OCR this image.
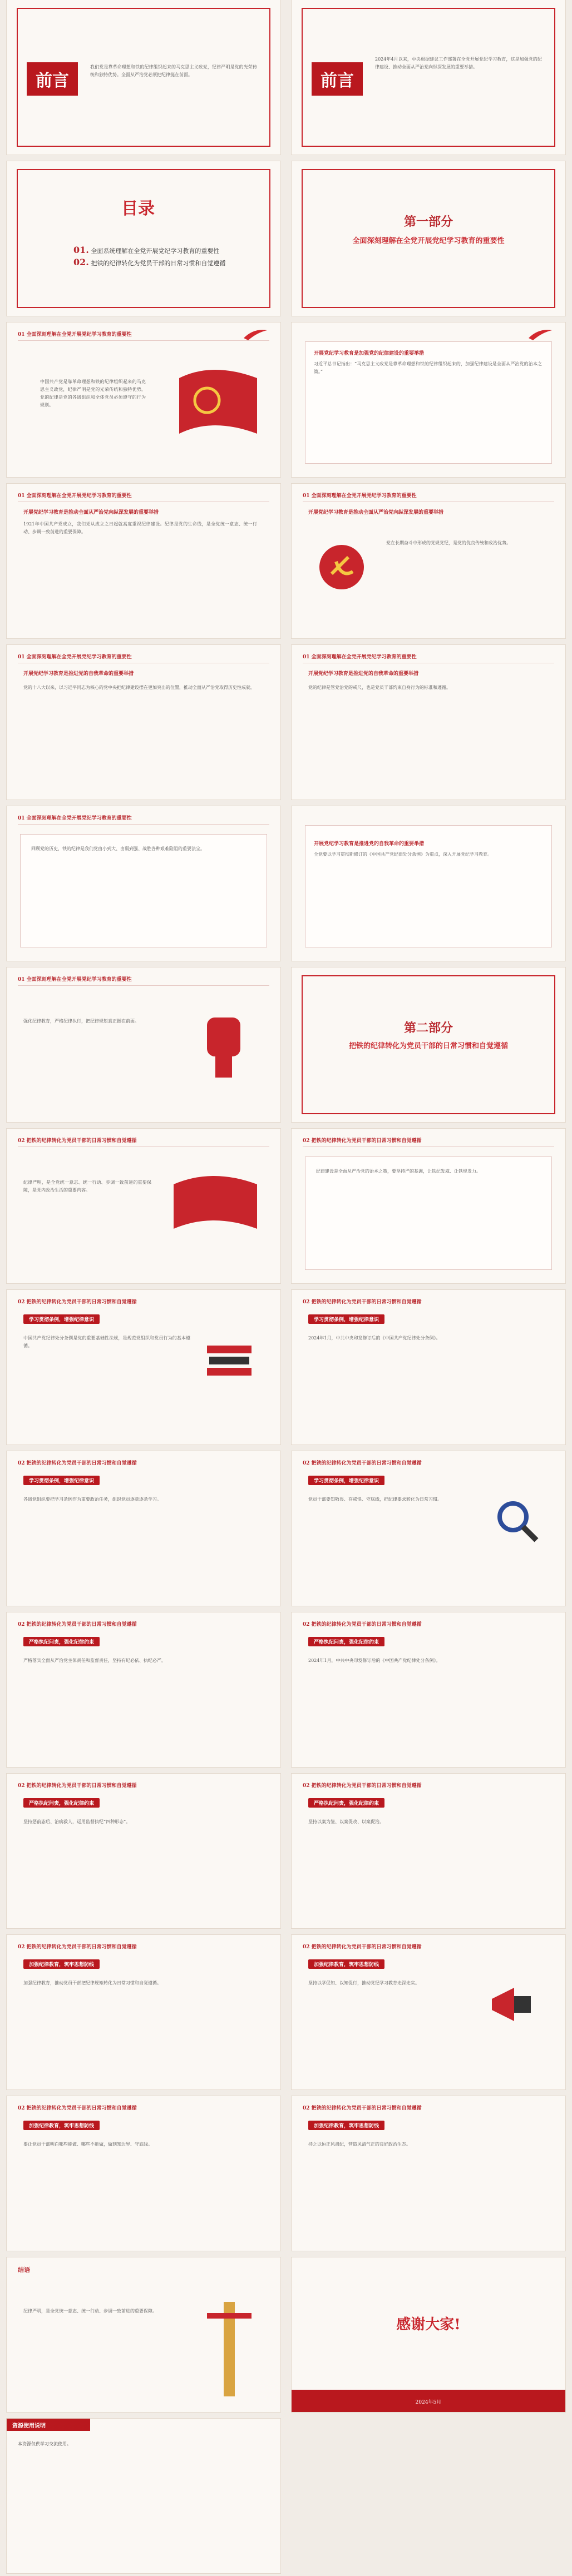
前言
我们党是靠革命理想和铁的纪律组织起来的马克思主义政党，纪律严明是党的光荣传统和独特优势。全面从严治党必须把纪律挺在前面。	前言
2024年4月以来，中央根据建议工作部署在全党开展党纪学习教育，这是加强党的纪律建设、推动全面从严治党向纵深发展的重要举措。
目录
01. 全面系统理解在全党开展党纪学习教育的重要性
02. 把铁的纪律转化为党员干部的日常习惯和自觉遵循
第一部分
全面深刻理解在全党开展党纪学习教育的重要性
01 全面深刻理解在全党开展党纪学习教育的重要性
中国共产党是靠革命理想和铁的纪律组织起来的马克思主义政党，纪律严明是党的光荣传统和独特优势。党的纪律是党的各级组织和全体党员必须遵守的行为规则。
开展党纪学习教育是加强党的纪律建设的重要举措
习近平总书记指出：“马克思主义政党是靠革命理想和铁的纪律组织起来的，加强纪律建设是全面从严治党的治本之策。”
01 全面深刻理解在全党开展党纪学习教育的重要性
开展党纪学习教育是推动全面从严治党向纵深发展的重要举措
1921年中国共产党成立，我们党从成立之日起就高度重视纪律建设。纪律是党的生命线，是全党统一意志、统一行动、步调一致前进的重要保障。
01 全面深刻理解在全党开展党纪学习教育的重要性
开展党纪学习教育是推动全面从严治党向纵深发展的重要举措
党在长期奋斗中形成的党规党纪，是党的优良传统和政治优势。
01 全面深刻理解在全党开展党纪学习教育的重要性
开展党纪学习教育是推进党的自我革命的重要举措
党的十八大以来，以习近平同志为核心的党中央把纪律建设摆在更加突出的位置，推动全面从严治党取得历史性成就。
01 全面深刻理解在全党开展党纪学习教育的重要性
开展党纪学习教育是推进党的自我革命的重要举措
党的纪律是管党治党的戒尺，也是党员干部约束自身行为的标准和遵循。
01 全面深刻理解在全党开展党纪学习教育的重要性
回顾党的历史，铁的纪律是我们党由小到大、由弱到强、战胜各种艰难险阻的重要法宝。
开展党纪学习教育是推进党的自我革命的重要举措
全党要以学习贯彻新修订的《中国共产党纪律处分条例》为重点，深入开展党纪学习教育。
01 全面深刻理解在全党开展党纪学习教育的重要性
强化纪律教育，严格纪律执行，把纪律规矩真正挺在前面。	第二部分
把铁的纪律转化为党员干部的日常习惯和自觉遵循
02 把铁的纪律转化为党员干部的日常习惯和自觉遵循
纪律严明，是全党统一意志、统一行动、步调一致前进的重要保障，是党内政治生活的重要内容。
02 把铁的纪律转化为党员干部的日常习惯和自觉遵循
纪律建设是全面从严治党的治本之策，要坚持严的基调，让铁纪发威、让铁规发力。
02 把铁的纪律转化为党员干部的日常习惯和自觉遵循
学习贯彻条例，增强纪律意识
中国共产党纪律处分条例是党的重要基础性法规，是规范党组织和党员行为的基本遵循。
02 把铁的纪律转化为党员干部的日常习惯和自觉遵循
学习贯彻条例，增强纪律意识
2024年1月，中共中央印发修订后的《中国共产党纪律处分条例》。
02 把铁的纪律转化为党员干部的日常习惯和自觉遵循
学习贯彻条例，增强纪律意识
各级党组织要把学习条例作为重要政治任务，组织党员逐章逐条学习。
02 把铁的纪律转化为党员干部的日常习惯和自觉遵循
学习贯彻条例，增强纪律意识
党员干部要知敬畏、存戒惧、守底线，把纪律要求转化为日常习惯。
02 把铁的纪律转化为党员干部的日常习惯和自觉遵循
严格执纪问责，强化纪律约束
严格落实全面从严治党主体责任和监督责任，坚持有纪必依、执纪必严。
02 把铁的纪律转化为党员干部的日常习惯和自觉遵循
严格执纪问责，强化纪律约束
2024年1月，中共中央印发修订后的《中国共产党纪律处分条例》。
02 把铁的纪律转化为党员干部的日常习惯和自觉遵循
严格执纪问责，强化纪律约束
坚持惩前毖后、治病救人，运用监督执纪“四种形态”。
02 把铁的纪律转化为党员干部的日常习惯和自觉遵循
严格执纪问责，强化纪律约束
坚持以案为鉴、以案促改、以案促治。
02 把铁的纪律转化为党员干部的日常习惯和自觉遵循
加强纪律教育，筑牢思想防线
加强纪律教育，推动党员干部把纪律规矩转化为日常习惯和自觉遵循。
02 把铁的纪律转化为党员干部的日常习惯和自觉遵循
加强纪律教育，筑牢思想防线
坚持以学促知、以知促行，推动党纪学习教育走深走实。
02 把铁的纪律转化为党员干部的日常习惯和自觉遵循
加强纪律教育，筑牢思想防线
要让党员干部明白哪些能做、哪些不能做，做到知边界、守底线。
02 把铁的纪律转化为党员干部的日常习惯和自觉遵循
加强纪律教育，筑牢思想防线
持之以恒正风肃纪，营造风清气正的良好政治生态。
结语
纪律严明，是全党统一意志、统一行动、步调一致前进的重要保障。
感谢大家!
2024年5月
资源使用说明
本资源仅供学习交流使用。
